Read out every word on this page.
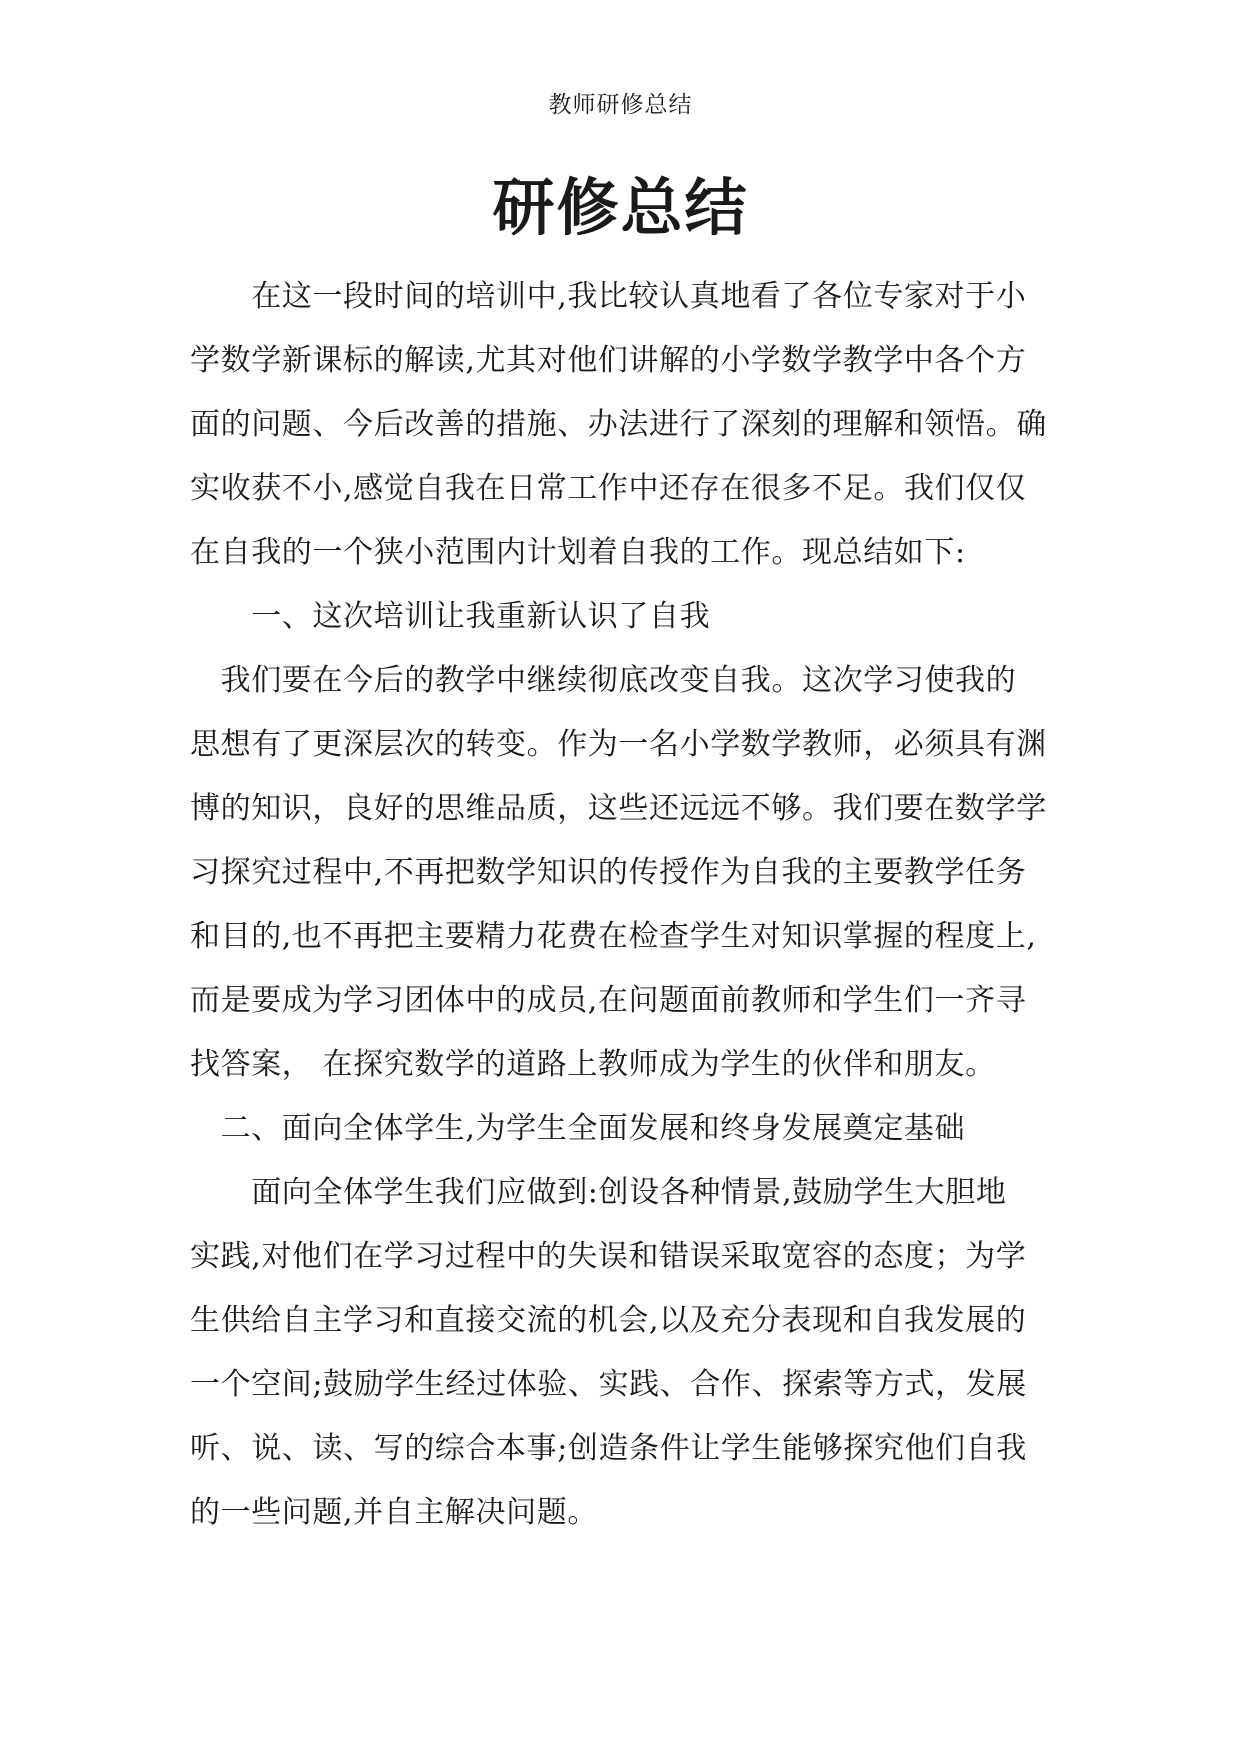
教师研修总结
研修总结

　　在这一段时间的培训中,我比较认真地看了各位专家对于小

学数学新课标的解读,尤其对他们讲解的小学数学教学中各个方

面的问题、今后改善的措施、办法进行了深刻的理解和领悟。确

实收获不小,感觉自我在日常工作中还存在很多不足。我们仅仅

在自我的一个狭小范围内计划着自我的工作。现总结如下:

　　一、这次培训让我重新认识了自我

　我们要在今后的教学中继续彻底改变自我。这次学习使我的

思想有了更深层次的转变。作为一名小学数学教师，必须具有渊

博的知识，良好的思维品质，这些还远远不够。我们要在数学学

习探究过程中,不再把数学知识的传授作为自我的主要教学任务

和目的,也不再把主要精力花费在检查学生对知识掌握的程度上,

而是要成为学习团体中的成员,在问题面前教师和学生们一齐寻

找答案， 在探究数学的道路上教师成为学生的伙伴和朋友。

　二、面向全体学生,为学生全面发展和终身发展奠定基础

　　面向全体学生我们应做到:创设各种情景,鼓励学生大胆地

实践,对他们在学习过程中的失误和错误采取宽容的态度；为学

生供给自主学习和直接交流的机会,以及充分表现和自我发展的

一个空间;鼓励学生经过体验、实践、合作、探索等方式，发展

听、说、读、写的综合本事;创造条件让学生能够探究他们自我

的一些问题,并自主解决问题。
